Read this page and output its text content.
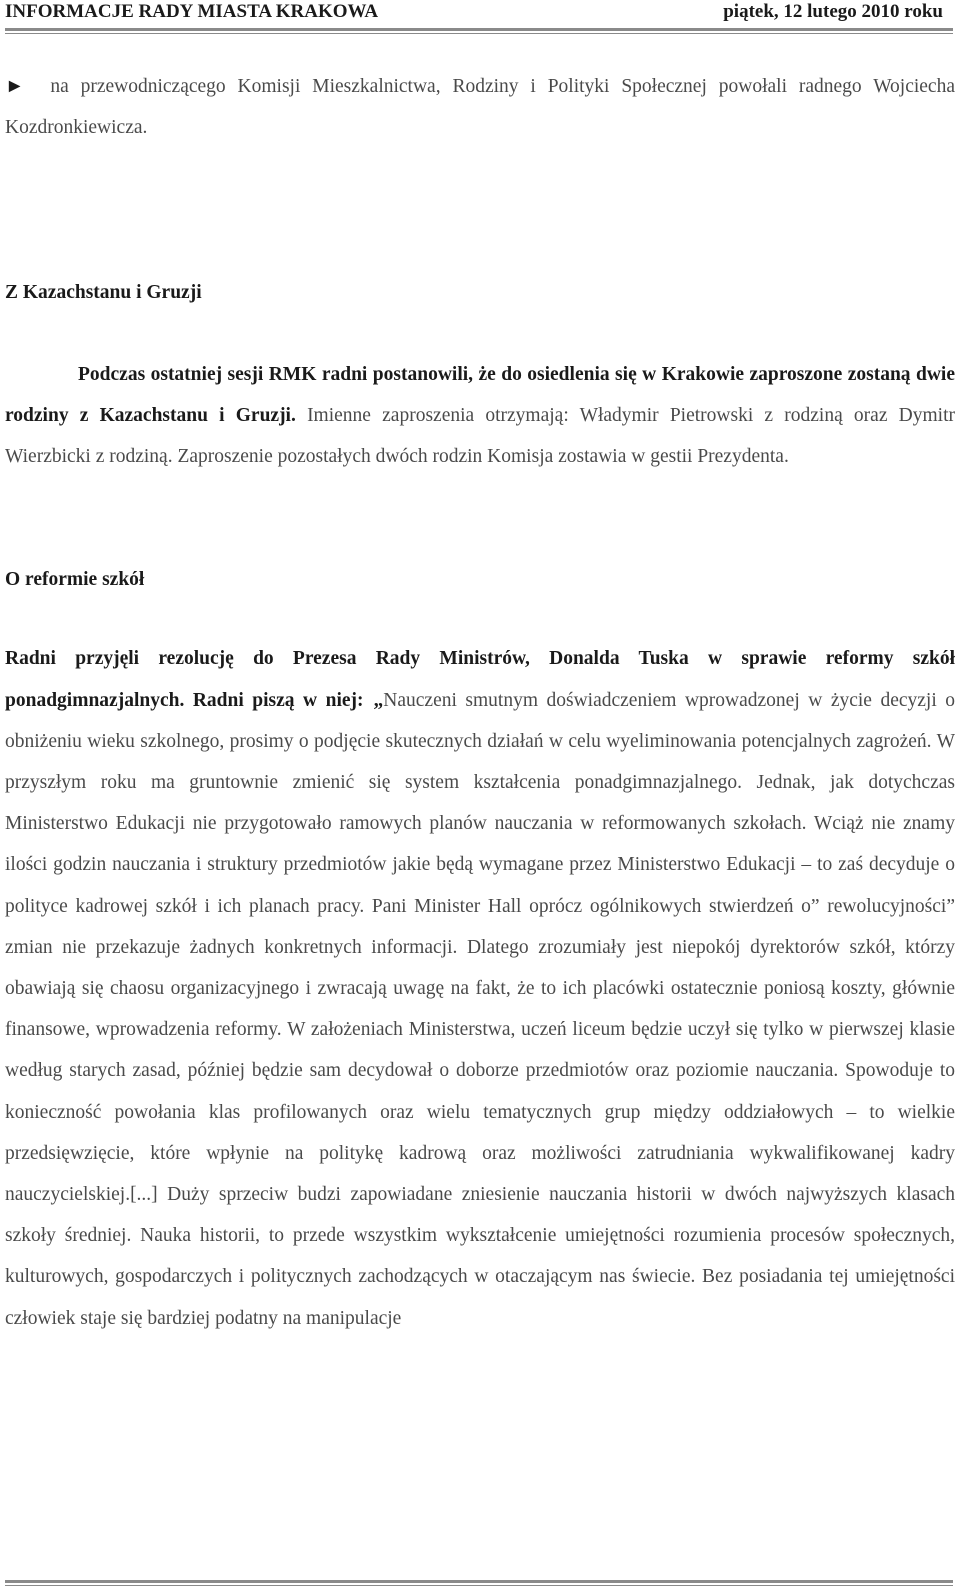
INFORMACJE RADY MIASTA KRAKOWA	piątek, 12 lutego 2010 roku

► na przewodniczącego Komisji Mieszkalnictwa, Rodziny i Polityki Społecznej powołali radnego Wojciecha Kozdronkiewicza.

Z Kazachstanu i Gruzji

Podczas ostatniej sesji RMK radni postanowili, że do osiedlenia się w Krakowie zaproszone zostaną dwie rodziny z Kazachstanu i Gruzji. Imienne zaproszenia otrzymają: Władymir Pietrowski z rodziną oraz Dymitr Wierzbicki z rodziną. Zaproszenie pozostałych dwóch rodzin Komisja zostawia w gestii Prezydenta.

O reformie szkół

Radni przyjęli rezolucję do Prezesa Rady Ministrów, Donalda Tuska w sprawie reformy szkół ponadgimnazjalnych. Radni piszą w niej: „Nauczeni smutnym doświadczeniem wprowadzonej w życie decyzji o obniżeniu wieku szkolnego, prosimy o podjęcie skutecznych działań w celu wyeliminowania potencjalnych zagrożeń. W przyszłym roku ma gruntownie zmienić się system kształcenia ponadgimnazjalnego. Jednak, jak dotychczas Ministerstwo Edukacji nie przygotowało ramowych planów nauczania w reformowanych szkołach. Wciąż nie znamy ilości godzin nauczania i struktury przedmiotów jakie będą wymagane przez Ministerstwo Edukacji – to zaś decyduje o polityce kadrowej szkół i ich planach pracy. Pani Minister Hall oprócz ogólnikowych stwierdzeń o” rewolucyjności” zmian nie przekazuje żadnych konkretnych informacji. Dlatego zrozumiały jest niepokój dyrektorów szkół, którzy obawiają się chaosu organizacyjnego i zwracają uwagę na fakt, że to ich placówki ostatecznie poniosą koszty, głównie finansowe, wprowadzenia reformy. W założeniach Ministerstwa, uczeń liceum będzie uczył się tylko w pierwszej klasie według starych zasad, później będzie sam decydował o doborze przedmiotów oraz poziomie nauczania. Spowoduje to konieczność powołania klas profilowanych oraz wielu tematycznych grup między oddziałowych – to wielkie przedsięwzięcie, które wpłynie na politykę kadrową oraz możliwości zatrudniania wykwalifikowanej kadry nauczycielskiej.[...] Duży sprzeciw budzi zapowiadane zniesienie nauczania historii w dwóch najwyższych klasach szkoły średniej. Nauka historii, to przede wszystkim wykształcenie umiejętności rozumienia procesów społecznych, kulturowych, gospodarczych i politycznych zachodzących w otaczającym nas świecie. Bez posiadania tej umiejętności człowiek staje się bardziej podatny na manipulacje
